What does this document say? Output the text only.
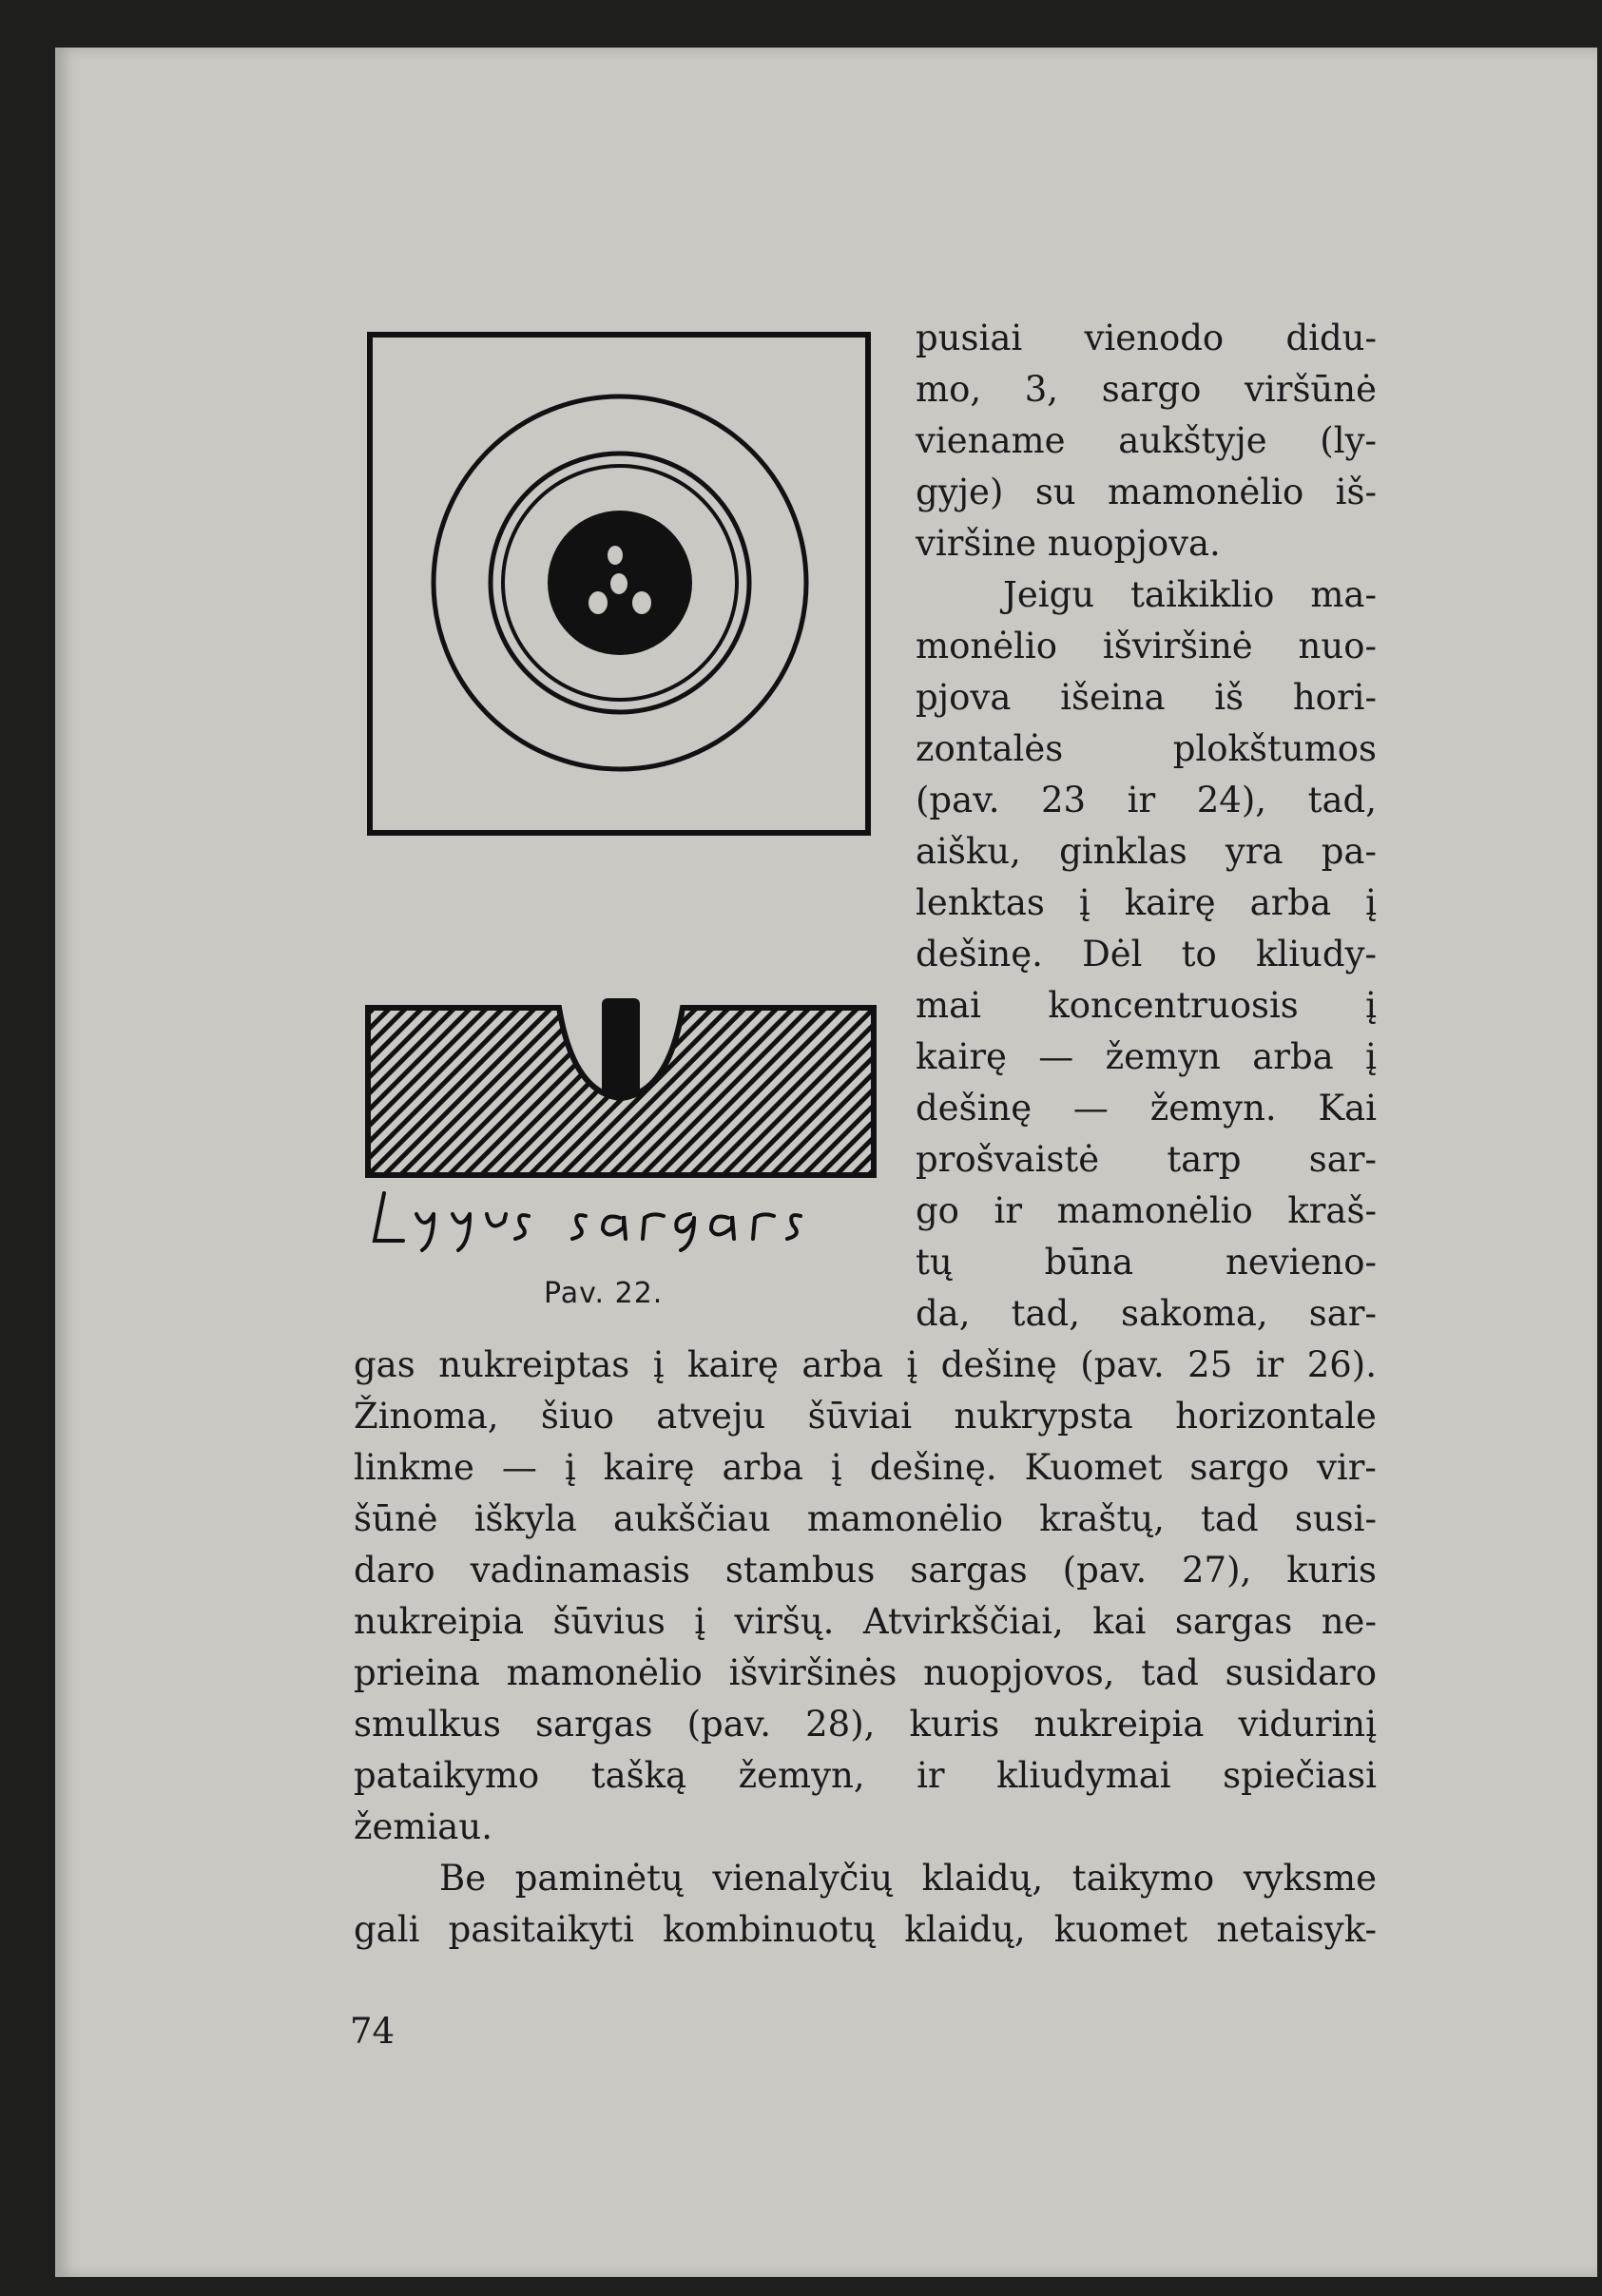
Pav. 22.
pusiai vienodo didu-
mo, 3, sargo viršūnė
viename aukštyje (ly-
gyje) su mamonėlio iš-
viršine nuopjova.
Jeigu taikiklio ma-
monėlio išviršinė nuo-
pjova išeina iš hori-
zontalės	plokštumos
(pav. 23 ir 24), tad,
aišku, ginklas yra pa-
lenktas į kairę arba į
dešinę. Dėl to kliudy-
mai koncentruosis į
kairę — žemyn arba į
dešinę — žemyn. Kai
prošvaistė tarp sar-
go ir mamonėlio kraš-
tų	būna	nevieno-
da, tad, sakoma, sar-
gas nukreiptas į kairę arba į dešinę (pav. 25 ir 26).
Žinoma, šiuo atveju šūviai nukrypsta horizontale
linkme — į kairę arba į dešinę. Kuomet sargo vir-
šūnė iškyla aukščiau mamonėlio kraštų, tad susi-
daro vadinamasis stambus sargas (pav. 27), kuris
nukreipia šūvius į viršų. Atvirkščiai, kai sargas ne-
prieina mamonėlio išviršinės nuopjovos, tad susidaro
smulkus sargas (pav. 28), kuris nukreipia vidurinį
pataikymo tašką žemyn, ir kliudymai spiečiasi
žemiau.
Be paminėtų vienalyčių klaidų, taikymo vyksme
gali pasitaikyti kombinuotų klaidų, kuomet netaisyk-
74
